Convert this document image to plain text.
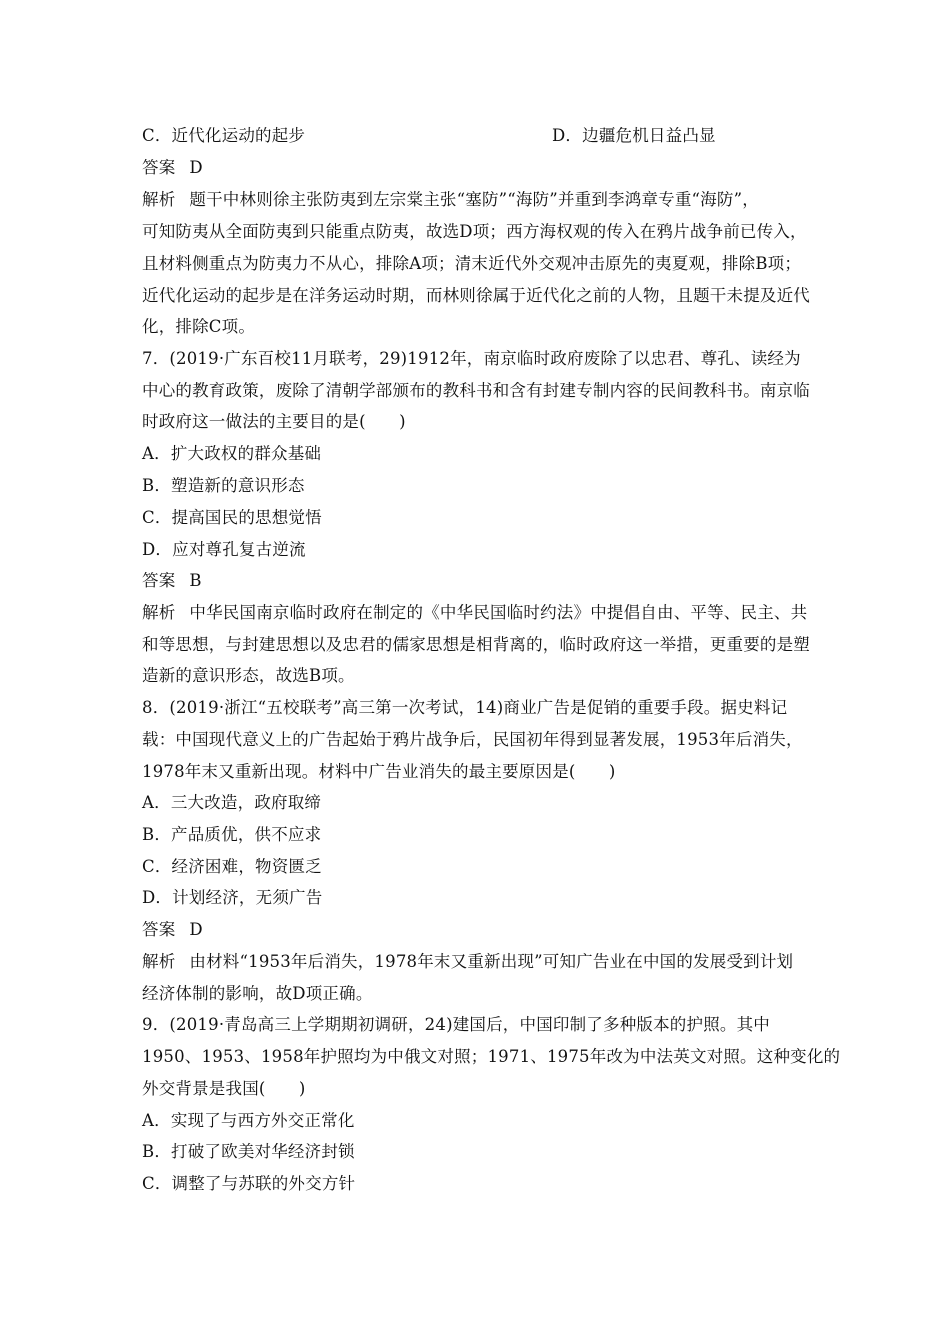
C．近代化运动的起步	D．边疆危机日益凸显
答案 D
解析 题干中林则徐主张防夷到左宗棠主张“塞防”“海防”并重到李鸿章专重“海防”，
可知防夷从全面防夷到只能重点防夷，故选D项；西方海权观的传入在鸦片战争前已传入，
且材料侧重点为防夷力不从心，排除A项；清末近代外交观冲击原先的夷夏观，排除B项；
近代化运动的起步是在洋务运动时期，而林则徐属于近代化之前的人物，且题干未提及近代
化，排除C项。
7．(2019·广东百校11月联考，29)1912年，南京临时政府废除了以忠君、尊孔、读经为
中心的教育政策，废除了清朝学部颁布的教科书和含有封建专制内容的民间教科书。南京临
时政府这一做法的主要目的是(　　)
A．扩大政权的群众基础
B．塑造新的意识形态
C．提高国民的思想觉悟
D．应对尊孔复古逆流
答案 B
解析 中华民国南京临时政府在制定的《中华民国临时约法》中提倡自由、平等、民主、共
和等思想，与封建思想以及忠君的儒家思想是相背离的，临时政府这一举措，更重要的是塑
造新的意识形态，故选B项。
8．(2019·浙江“五校联考”高三第一次考试，14)商业广告是促销的重要手段。据史料记
载：中国现代意义上的广告起始于鸦片战争后，民国初年得到显著发展，1953年后消失，
1978年末又重新出现。材料中广告业消失的最主要原因是(　　)
A．三大改造，政府取缔
B．产品质优，供不应求
C．经济困难，物资匮乏
D．计划经济，无须广告
答案 D
解析 由材料“1953年后消失，1978年末又重新出现”可知广告业在中国的发展受到计划
经济体制的影响，故D项正确。
9．(2019·青岛高三上学期期初调研，24)建国后，中国印制了多种版本的护照。其中
1950、1953、1958年护照均为中俄文对照；1971、1975年改为中法英文对照。这种变化的
外交背景是我国(　　)
A．实现了与西方外交正常化
B．打破了欧美对华经济封锁
C．调整了与苏联的外交方针
